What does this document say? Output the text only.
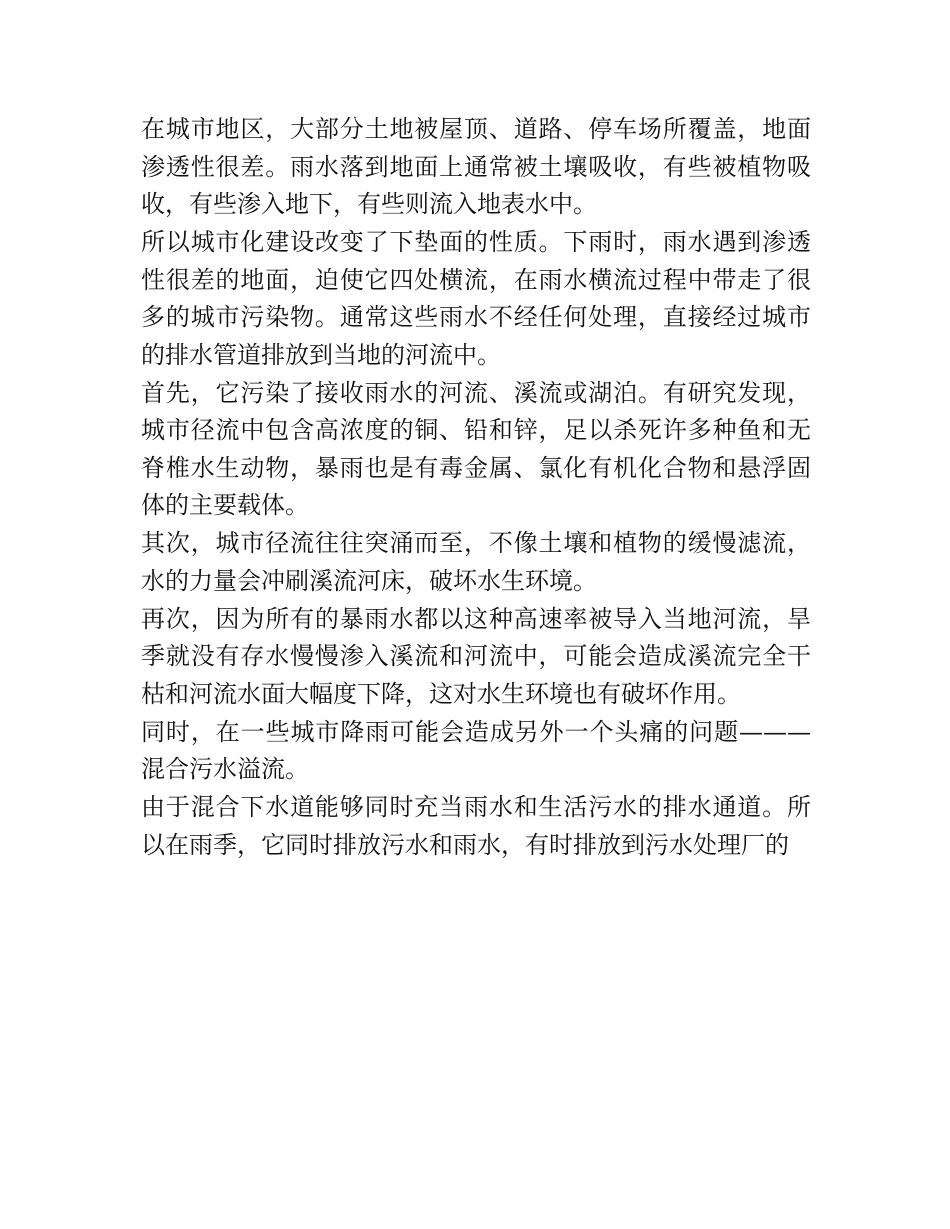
在城市地区，大部分土地被屋顶、道路、停车场所覆盖，地面渗透性很差。雨水落到地面上通常被土壤吸收，有些被植物吸收，有些渗入地下，有些则流入地表水中。

所以城市化建设改变了下垫面的性质。下雨时，雨水遇到渗透性很差的地面，迫使它四处横流，在雨水横流过程中带走了很多的城市污染物。通常这些雨水不经任何处理，直接经过城市的排水管道排放到当地的河流中。

首先，它污染了接收雨水的河流、溪流或湖泊。有研究发现，城市径流中包含高浓度的铜、铅和锌，足以杀死许多种鱼和无脊椎水生动物，暴雨也是有毒金属、氯化有机化合物和悬浮固体的主要载体。

其次，城市径流往往突涌而至，不像土壤和植物的缓慢滤流，水的力量会冲刷溪流河床，破坏水生环境。

再次，因为所有的暴雨水都以这种高速率被导入当地河流，旱季就没有存水慢慢渗入溪流和河流中，可能会造成溪流完全干枯和河流水面大幅度下降，这对水生环境也有破坏作用。

同时，在一些城市降雨可能会造成另外一个头痛的问题———混合污水溢流。

由于混合下水道能够同时充当雨水和生活污水的排水通道。所以在雨季，它同时排放污水和雨水，有时排放到污水处理厂的
